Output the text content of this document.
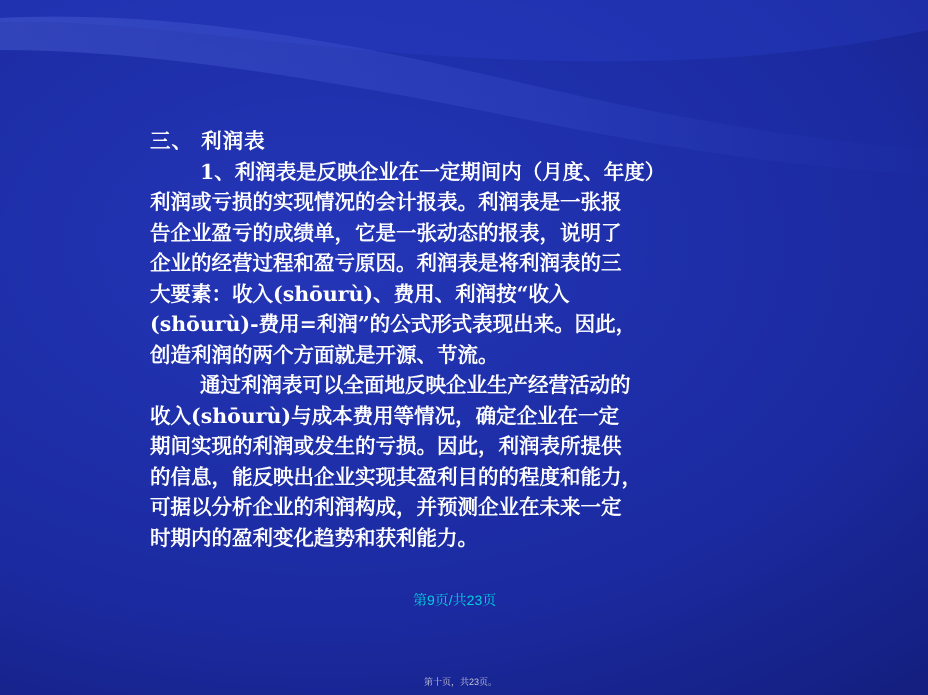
三、 利润表
1、利润表是反映企业在一定期间内（月度、年度）
利润或亏损的实现情况的会计报表。利润表是一张报
告企业盈亏的成绩单，它是一张动态的报表，说明了
企业的经营过程和盈亏原因。利润表是将利润表的三
大要素：收入(shōurù)、费用、利润按“收入
(shōurù)-费用=利润”的公式形式表现出来。因此，
创造利润的两个方面就是开源、节流。
通过利润表可以全面地反映企业生产经营活动的
收入(shōurù)与成本费用等情况，确定企业在一定
期间实现的利润或发生的亏损。因此，利润表所提供
的信息，能反映出企业实现其盈利目的的程度和能力，
可据以分析企业的利润构成，并预测企业在未来一定
时期内的盈利变化趋势和获利能力。
第9页/共23页
第十页，共23页。
